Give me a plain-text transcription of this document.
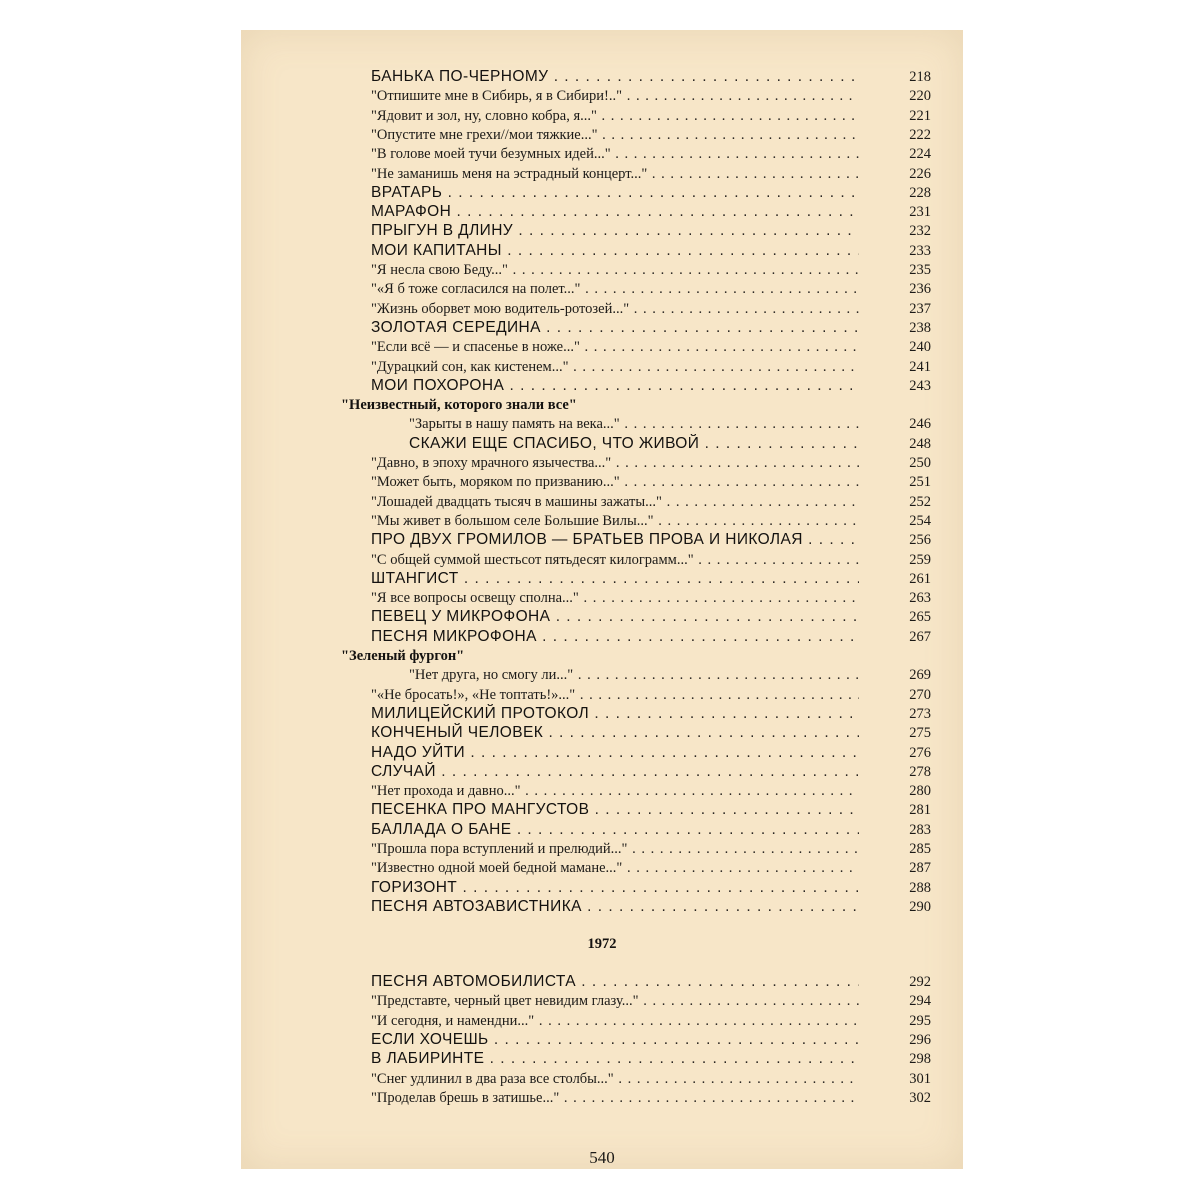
БАНЬКА ПО-ЧЕРНОМУ . . .	218
"Отпишите мне в Сибирь, я в Сибири!.." . . .	220
"Ядовит и зол, ну, словно кобра, я..." . . .	221
"Опустите мне грехи//мои тяжкие..." . . .	222
"В голове моей тучи безумных идей..." . . .	224
"Не заманишь меня на эстрадный концерт..." . . .	226
ВРАТАРЬ . . .	228
МАРАФОН . . .	231
ПРЫГУН В ДЛИНУ . . .	232
МОИ КАПИТАНЫ . . .	233
"Я несла свою Беду..." . . .	235
"«Я б тоже согласился на полет..." . . .	236
"Жизнь оборвет мою водитель-ротозей..." . . .	237
ЗОЛОТАЯ СЕРЕДИНА . . .	238
"Если всё — и спасенье в ноже..." . . .	240
"Дурацкий сон, как кистенем..." . . .	241
МОИ ПОХОРОНА . . .	243
"Неизвестный, которого знали все"
"Зарыты в нашу память на века..." . . .	246
СКАЖИ ЕЩЕ СПАСИБО, ЧТО ЖИВОЙ . . .	248
"Давно, в эпоху мрачного язычества..." . . .	250
"Может быть, моряком по призванию..." . . .	251
"Лошадей двадцать тысяч в машины зажаты..." . . .	252
"Мы живет в большом селе Большие Вилы..." . . .	254
ПРО ДВУХ ГРОМИЛОВ — БРАТЬЕВ ПРОВА И НИКОЛАЯ . . .	256
"С общей суммой шестьсот пятьдесят килограмм..." . . .	259
ШТАНГИСТ . . .	261
"Я все вопросы освещу сполна..." . . .	263
ПЕВЕЦ У МИКРОФОНА . . .	265
ПЕСНЯ МИКРОФОНА . . .	267
"Зеленый фургон"
"Нет друга, но смогу ли..." . . .	269
"«Не бросать!», «Не топтать!»..." . . .	270
МИЛИЦЕЙСКИЙ ПРОТОКОЛ . . .	273
КОНЧЕНЫЙ ЧЕЛОВЕК . . .	275
НАДО УЙТИ . . .	276
СЛУЧАЙ . . .	278
"Нет прохода и давно..." . . .	280
ПЕСЕНКА ПРО МАНГУСТОВ . . .	281
БАЛЛАДА О БАНЕ . . .	283
"Прошла пора вступлений и прелюдий..." . . .	285
"Известно одной моей бедной мамане..." . . .	287
ГОРИЗОНТ . . .	288
ПЕСНЯ АВТОЗАВИСТНИКА . . .	290
ПЕСНЯ АВТОМОБИЛИСТА . . .	292
"Представте, черный цвет невидим глазу..." . . .	294
"И сегодня, и намендни..." . . .	295
ЕСЛИ ХОЧЕШЬ . . .	296
В ЛАБИРИНТЕ . . .	298
"Снег удлинил в два раза все столбы..." . . .	301
"Проделав брешь в затишье..." . . .	302
1972
540
